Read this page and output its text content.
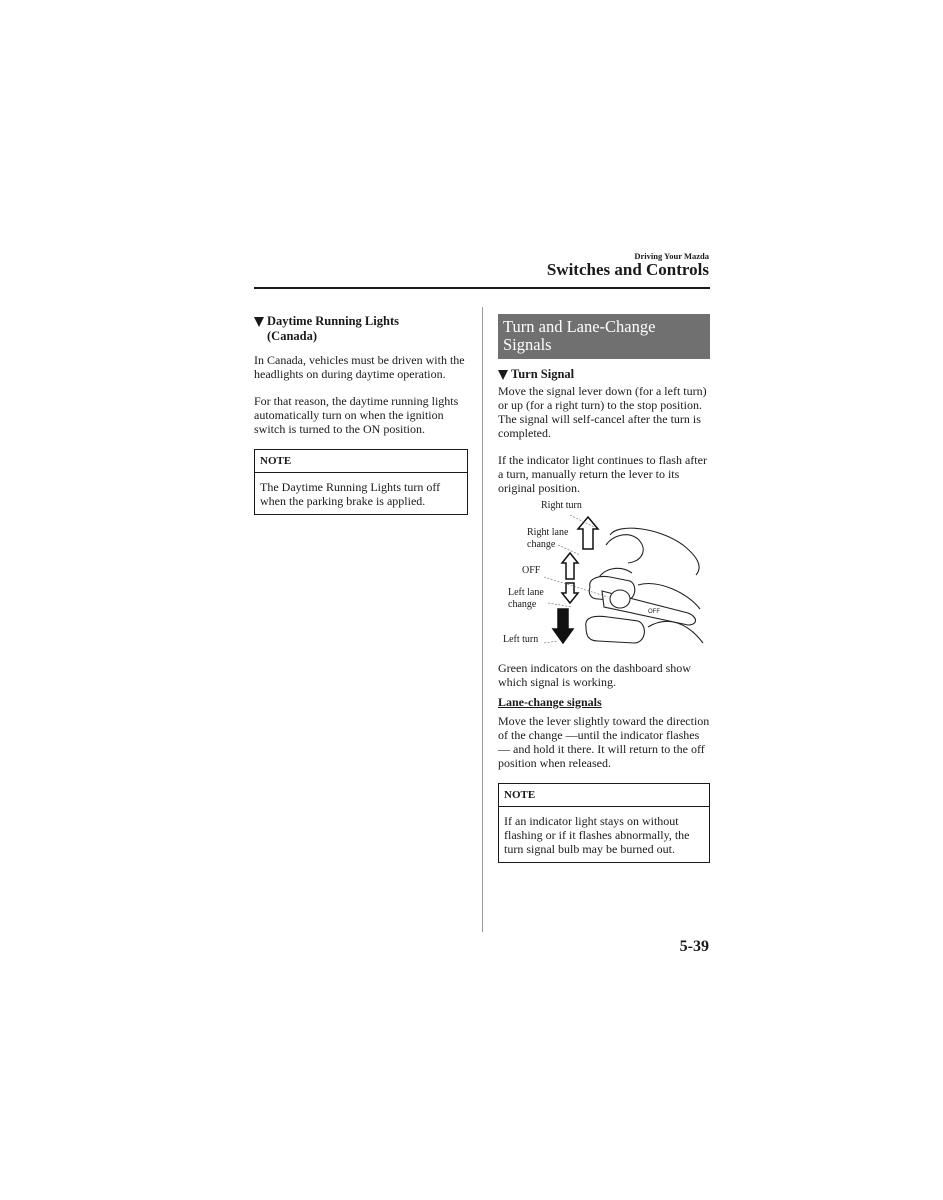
Driving Your Mazda
Switches and Controls
Daytime Running Lights
(Canada)

In Canada, vehicles must be driven with the headlights on during daytime operation.

For that reason, the daytime running lights automatically turn on when the ignition switch is turned to the ON position.

NOTE
The Daytime Running Lights turn off when the parking brake is applied.
Turn and Lane-Change
Signals
Turn Signal

Move the signal lever down (for a left turn) or up (for a right turn) to the stop position. The signal will self-cancel after the turn is completed.

If the indicator light continues to flash after a turn, manually return the lever to its original position.

OFF
Right turn
Right lane
change
OFF
Left lane
change
Left turn

Green indicators on the dashboard show which signal is working.

Lane-change signals

Move the lever slightly toward the direction of the change —until the indicator flashes— and hold it there. It will return to the off position when released.

NOTE
If an indicator light stays on without flashing or if it flashes abnormally, the turn signal bulb may be burned out.
5-39
